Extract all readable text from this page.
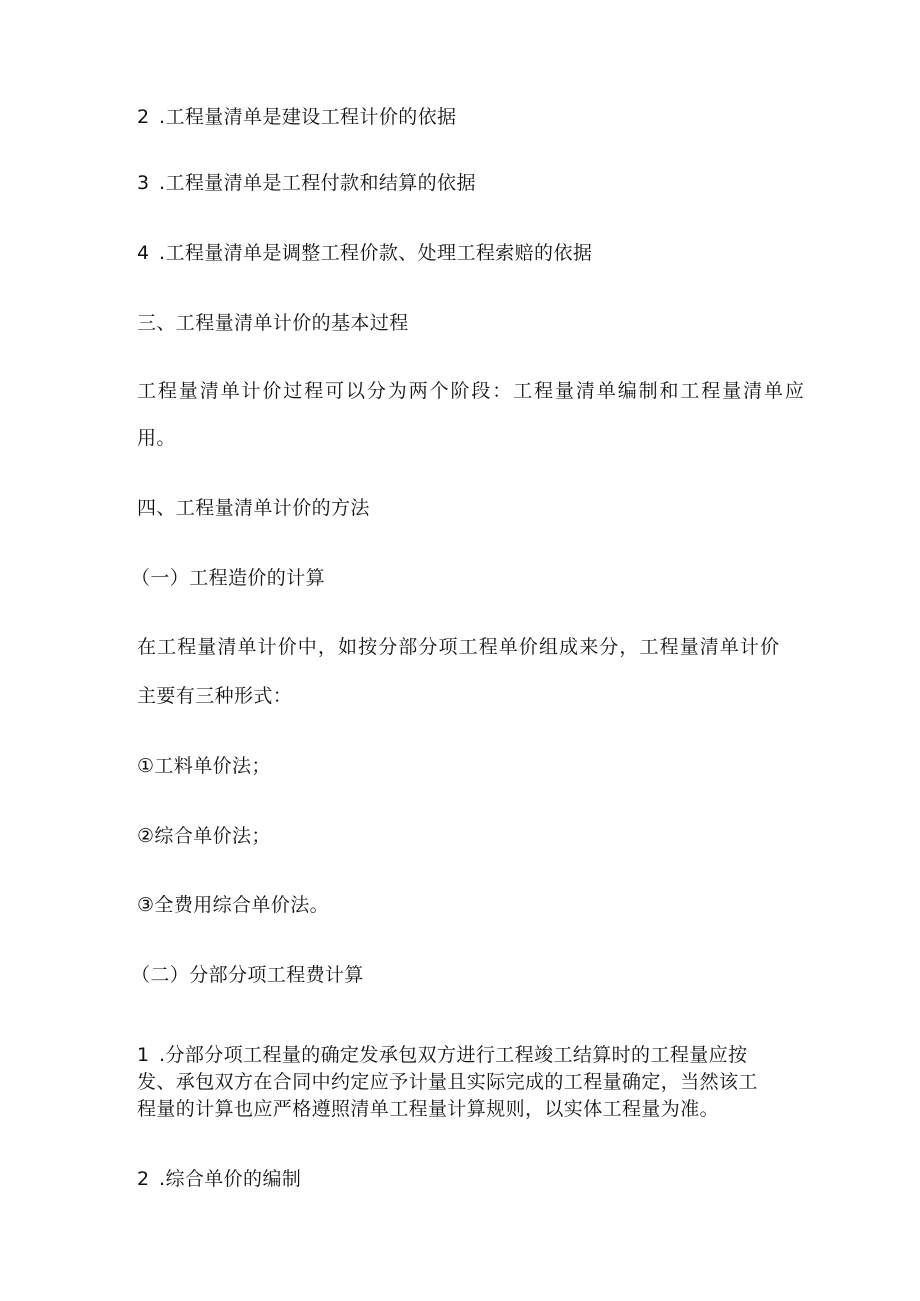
2 .工程量清单是建设工程计价的依据
3 .工程量清单是工程付款和结算的依据
4 .工程量清单是调整工程价款、处理工程索赔的依据
三、工程量清单计价的基本过程
工程量清单计价过程可以分为两个阶段：工程量清单编制和工程量清单应
用。
四、工程量清单计价的方法
（一）工程造价的计算
在工程量清单计价中，如按分部分项工程单价组成来分，工程量清单计价
主要有三种形式：
①工料单价法；
②综合单价法；
③全费用综合单价法。
（二）分部分项工程费计算
1 .分部分项工程量的确定发承包双方进行工程竣工结算时的工程量应按
发、承包双方在合同中约定应予计量且实际完成的工程量确定，当然该工
程量的计算也应严格遵照清单工程量计算规则，以实体工程量为准。
2 .综合单价的编制
